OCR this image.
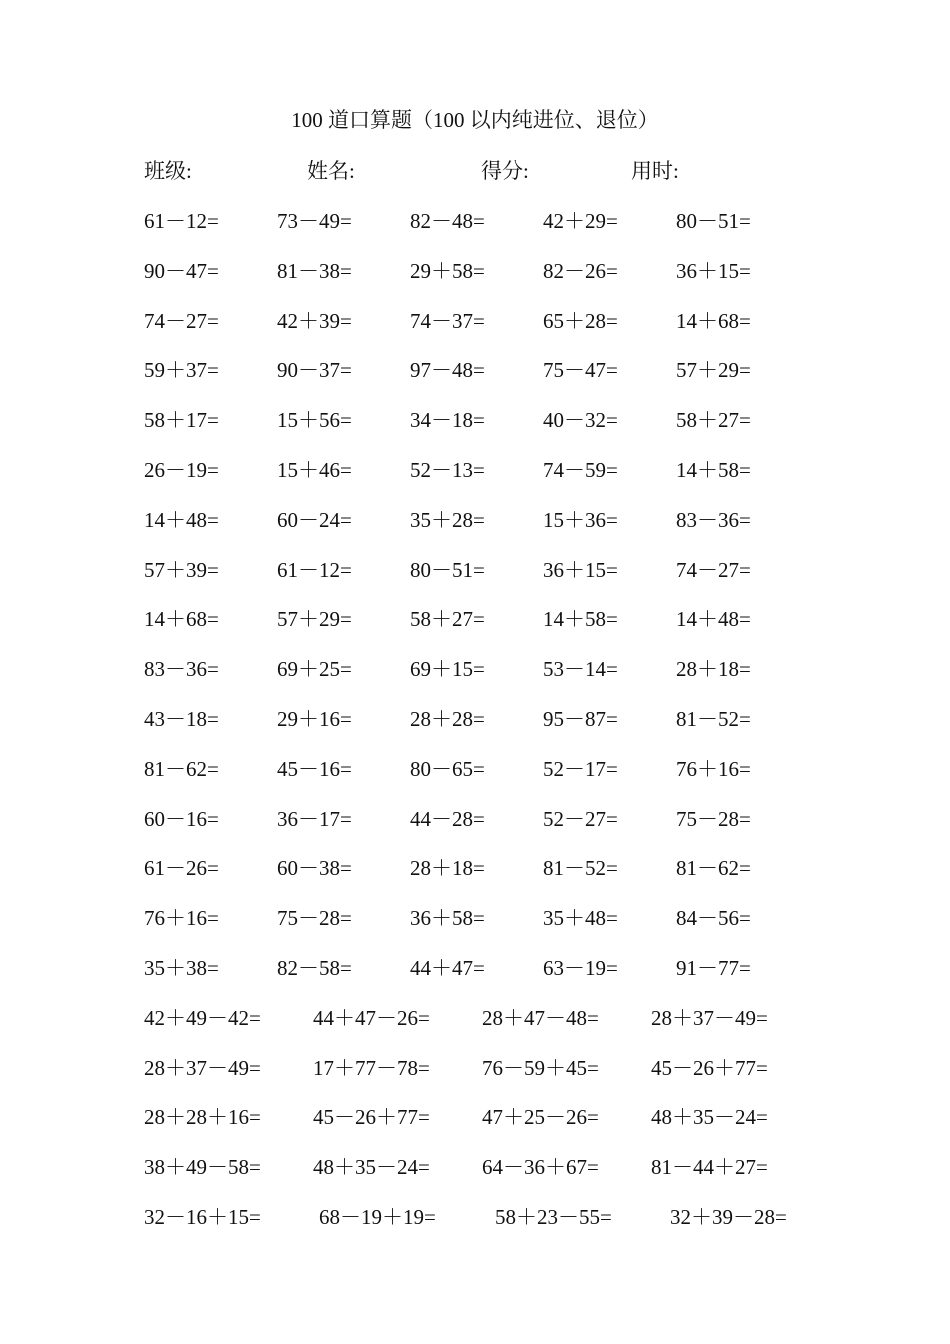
100 道口算题（100 以内纯进位、退位）
班级:	姓名:	得分:	用时:
61－12=	73－49=	82－48=	42＋29=	80－51=
90－47=	81－38=	29＋58=	82－26=	36＋15=
74－27=	42＋39=	74－37=	65＋28=	14＋68=
59＋37=	90－37=	97－48=	75－47=	57＋29=
58＋17=	15＋56=	34－18=	40－32=	58＋27=
26－19=	15＋46=	52－13=	74－59=	14＋58=
14＋48=	60－24=	35＋28=	15＋36=	83－36=
57＋39=	61－12=	80－51=	36＋15=	74－27=
14＋68=	57＋29=	58＋27=	14＋58=	14＋48=
83－36=	69＋25=	69＋15=	53－14=	28＋18=
43－18=	29＋16=	28＋28=	95－87=	81－52=
81－62=	45－16=	80－65=	52－17=	76＋16=
60－16=	36－17=	44－28=	52－27=	75－28=
61－26=	60－38=	28＋18=	81－52=	81－62=
76＋16=	75－28=	36＋58=	35＋48=	84－56=
35＋38=	82－58=	44＋47=	63－19=	91－77=
42＋49－42= 44＋47－26= 28＋47－48= 28＋37－49=
28＋37－49= 17＋77－78= 76－59＋45= 45－26＋77=
28＋28＋16= 45－26＋77= 47＋25－26= 48＋35－24=
38＋49－58= 48＋35－24= 64－36＋67= 81－44＋27=
32－16＋15=	68－19＋19=	58＋23－55=	32＋39－28=
